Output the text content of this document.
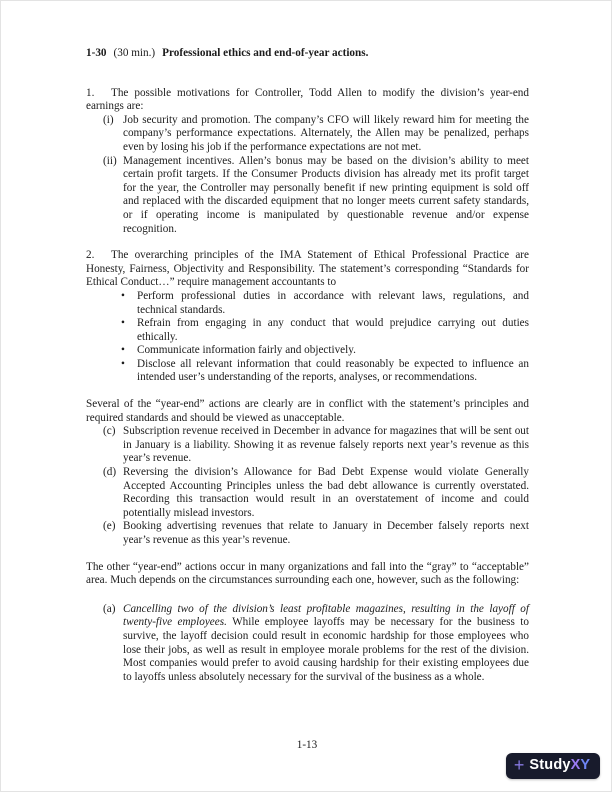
1-30 (30 min.) Professional ethics and end-of-year actions.

1. The possible motivations for Controller, Todd Allen to modify the division’s year-end earnings are:

(i) Job security and promotion. The company’s CFO will likely reward him for meeting the company’s performance expectations. Alternately, the Allen may be penalized, perhaps even by losing his job if the performance expectations are not met.
(ii) Management incentives. Allen’s bonus may be based on the division’s ability to meet certain profit targets. If the Consumer Products division has already met its profit target for the year, the Controller may personally benefit if new printing equipment is sold off and replaced with the discarded equipment that no longer meets current safety standards, or if operating income is manipulated by questionable revenue and/or expense recognition.

2. The overarching principles of the IMA Statement of Ethical Professional Practice are Honesty, Fairness, Objectivity and Responsibility. The statement’s corresponding “Standards for Ethical Conduct…” require management accountants to

•	Perform professional duties in accordance with relevant laws, regulations, and technical standards.
•	Refrain from engaging in any conduct that would prejudice carrying out duties ethically.
•	Communicate information fairly and objectively.
•	Disclose all relevant information that could reasonably be expected to influence an intended user’s understanding of the reports, analyses, or recommendations.

Several of the “year-end” actions are clearly are in conflict with the statement’s principles and required standards and should be viewed as unacceptable.

(c) Subscription revenue received in December in advance for magazines that will be sent out in January is a liability. Showing it as revenue falsely reports next year’s revenue as this year’s revenue.
(d) Reversing the division’s Allowance for Bad Debt Expense would violate Generally Accepted Accounting Principles unless the bad debt allowance is currently overstated. Recording this transaction would result in an overstatement of income and could potentially mislead investors.
(e) Booking advertising revenues that relate to January in December falsely reports next year’s revenue as this year’s revenue.

The other “year-end” actions occur in many organizations and fall into the “gray” to “acceptable” area. Much depends on the circumstances surrounding each one, however, such as the following:

(a) Cancelling two of the division’s least profitable magazines, resulting in the layoff of twenty-five employees. While employee layoffs may be necessary for the business to survive, the layoff decision could result in economic hardship for those employees who lose their jobs, as well as result in employee morale problems for the rest of the division. Most companies would prefer to avoid causing hardship for their existing employees due to layoffs unless absolutely necessary for the survival of the business as a whole.
1-13
+ Study X Y
